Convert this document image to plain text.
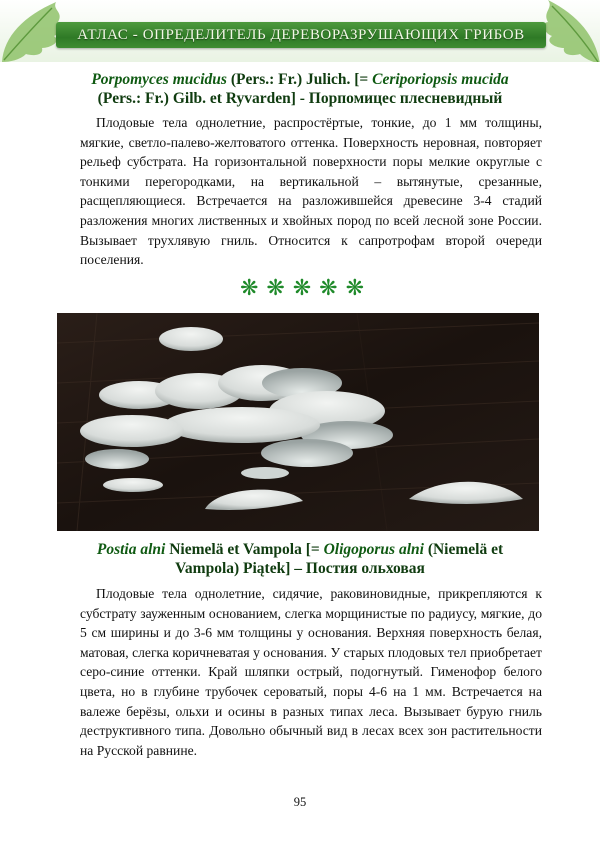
АТЛАС - ОПРЕДЕЛИТЕЛЬ ДЕРЕВОРАЗРУШАЮЩИХ ГРИБОВ
Porpomyces mucidus (Pers.: Fr.) Julich. [= Ceriporiopsis mucida
(Pers.: Fr.) Gilb. et Ryvarden] - Порпомицес плесневидный
Плодовые тела однолетние, распростёртые, тонкие, до 1 мм толщины, мягкие, светло-палево-желтоватого оттенка. Поверхность неровная, повторяет рельеф субстрата. На горизонтальной поверхности поры мелкие округлые с тонкими перегородками, на вертикальной – вытянутые, срезанные, расщепляющиеся. Встречается на разложившейся древесине 3-4 стадий разложения многих лиственных и хвойных пород по всей лесной зоне России. Вызывает трухлявую гниль. Относится к сапротрофам второй очереди поселения.
❋ ❋ ❋ ❋ ❋
Postia alni Niemelä et Vampola [= Oligoporus alni (Niemelä et
Vampola) Piątek] – Постия ольховая
Плодовые тела однолетние, сидячие, раковиновидные, прикрепляются к субстрату зауженным основанием, слегка морщинистые по радиусу, мягкие, до 5 см ширины и до 3-6 мм толщины у основания. Верхняя поверхность белая, матовая, слегка коричневатая у основания. У старых плодовых тел приобретает серо-синие оттенки. Край шляпки острый, подогнутый. Гименофор белого цвета, но в глубине трубочек сероватый, поры 4-6 на 1 мм. Встречается на валеже берёзы, ольхи и осины в разных типах леса. Вызывает бурую гниль деструктивного типа. Довольно обычный вид в лесах всех зон растительности на Русской равнине.
95
